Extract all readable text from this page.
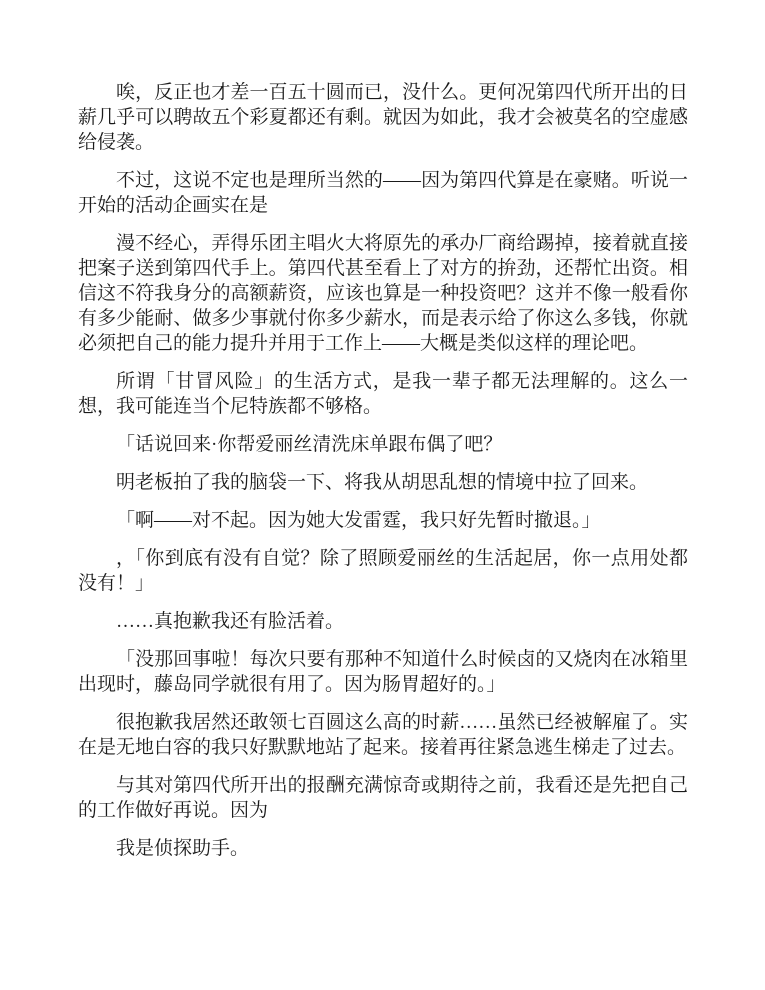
唉，反正也才差一百五十圆而已，没什么。更何况第四代所开出的日薪几乎可以聘故五个彩夏都还有剩。就因为如此，我才会被莫名的空虚感给侵袭。

不过，这说不定也是理所当然的——因为第四代算是在豪赌。听说一开始的活动企画实在是

漫不经心，弄得乐团主唱火大将原先的承办厂商给踢掉，接着就直接把案子送到第四代手上。第四代甚至看上了对方的拚劲，还帮忙出资。相信这不符我身分的高额薪资，应该也算是一种投资吧？这并不像一般看你有多少能耐、做多少事就付你多少薪水，而是表示给了你这么多钱，你就必须把自己的能力提升并用于工作上——大概是类似这样的理论吧。

所谓「甘冒风险」的生活方式，是我一辈子都无法理解的。这么一想，我可能连当个尼特族都不够格。

「话说回来·你帮爱丽丝清洗床单跟布偶了吧？

明老板拍了我的脑袋一下、将我从胡思乱想的情境中拉了回来。

「啊——对不起。因为她大发雷霆，我只好先暂时撤退。」

，「你到底有没有自觉？除了照顾爱丽丝的生活起居，你一点用处都没有！」

……真抱歉我还有脸活着。

「没那回事啦！每次只要有那种不知道什么时候卤的又烧肉在冰箱里出现时，藤岛同学就很有用了。因为肠胃超好的。」

很抱歉我居然还敢领七百圆这么高的时薪……虽然已经被解雇了。实在是无地白容的我只好默默地站了起来。接着再往紧急逃生梯走了过去。

与其对第四代所开出的报酬充满惊奇或期待之前，我看还是先把自己的工作做好再说。因为

我是侦探助手。
